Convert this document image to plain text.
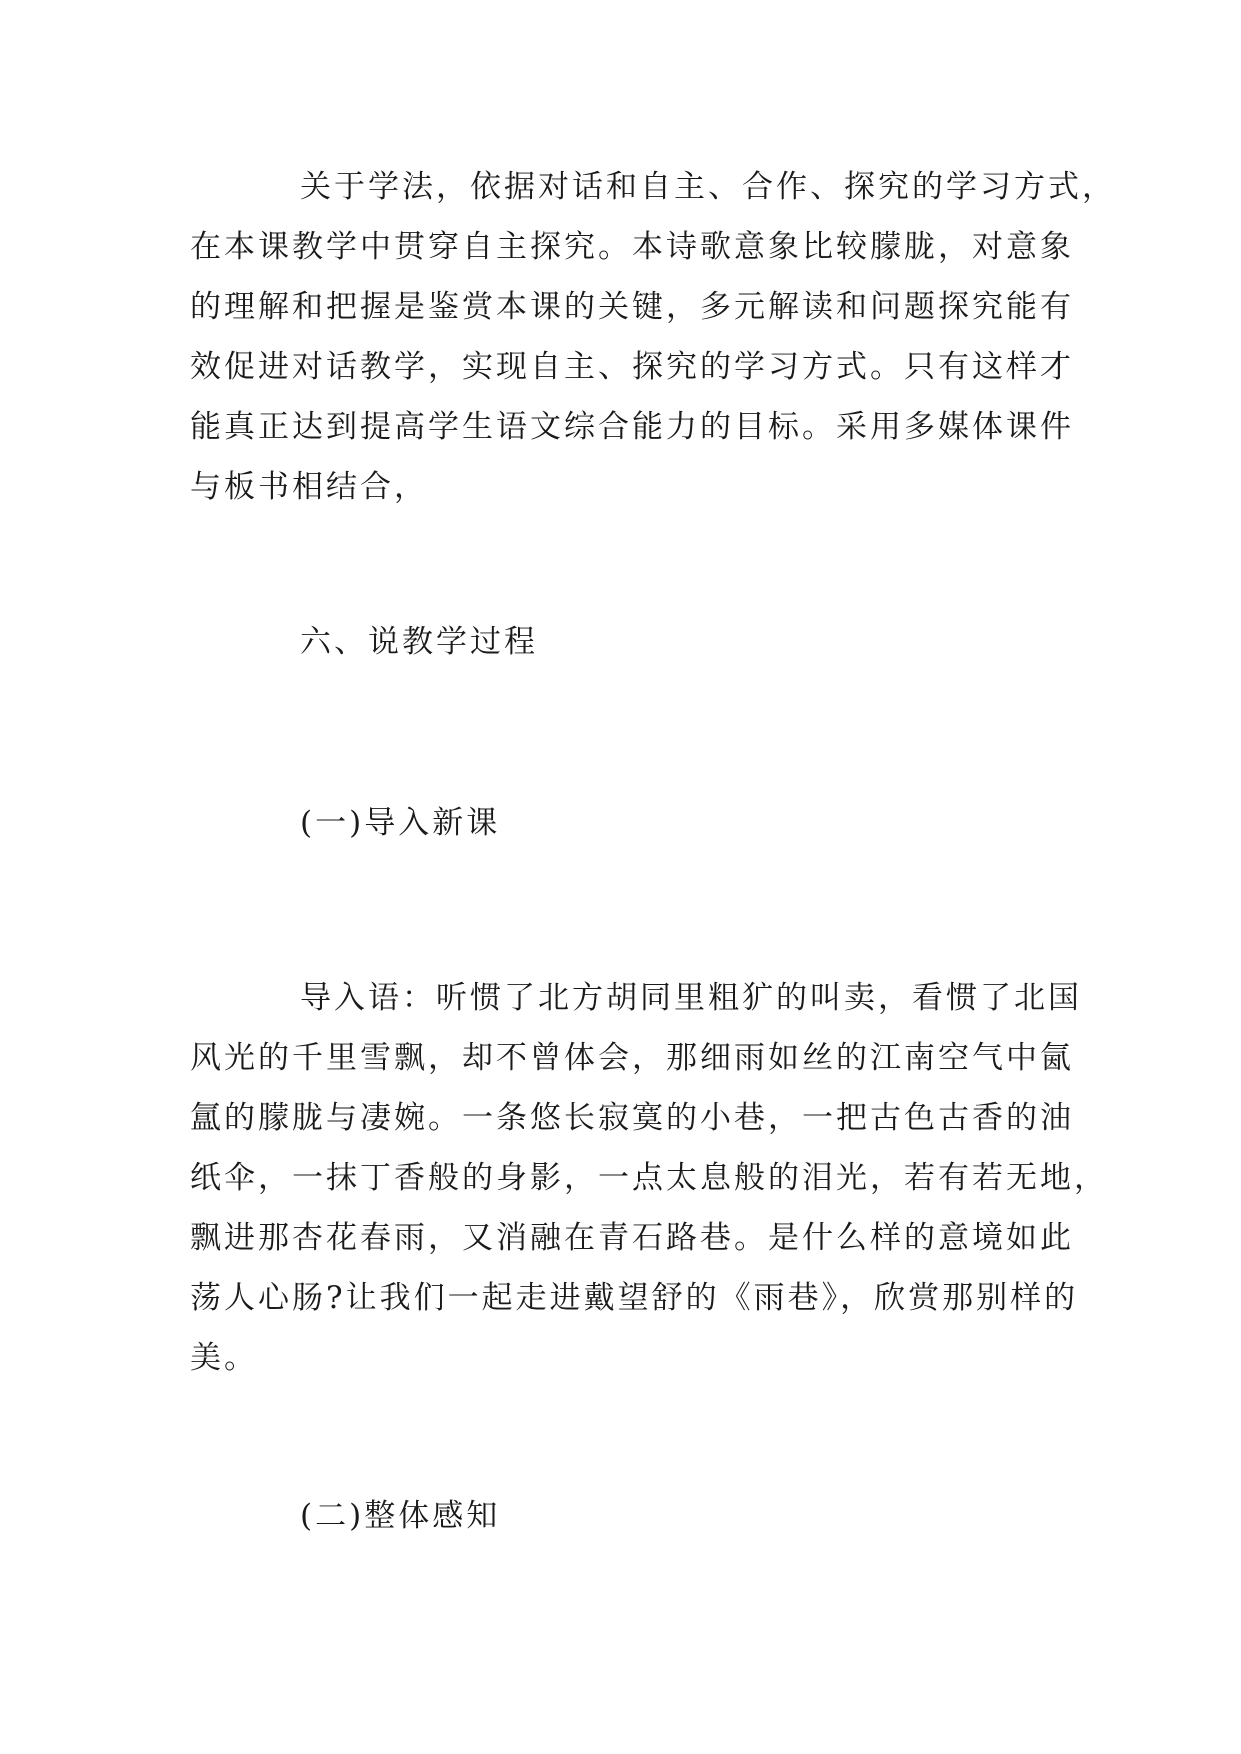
关于学法，依据对话和自主、合作、探究的学习方式，
在本课教学中贯穿自主探究。本诗歌意象比较朦胧，对意象
的理解和把握是鉴赏本课的关键，多元解读和问题探究能有
效促进对话教学，实现自主、探究的学习方式。只有这样才
能真正达到提高学生语文综合能力的目标。采用多媒体课件
与板书相结合，
六、说教学过程
(一)导入新课
导入语：听惯了北方胡同里粗犷的叫卖，看惯了北国
风光的千里雪飘，却不曾体会，那细雨如丝的江南空气中氤
氲的朦胧与凄婉。一条悠长寂寞的小巷，一把古色古香的油
纸伞，一抹丁香般的身影，一点太息般的泪光，若有若无地，
飘进那杏花春雨，又消融在青石路巷。是什么样的意境如此
荡人心肠?让我们一起走进戴望舒的《雨巷》，欣赏那别样的
美。
(二)整体感知
